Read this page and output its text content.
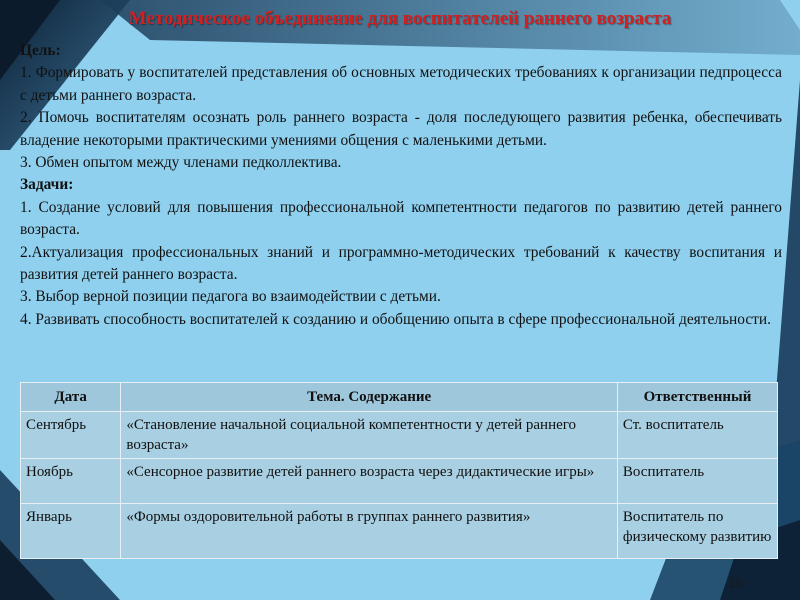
Методическое объединение для воспитателей раннего возраста

Цель:

1. Формировать у воспитателей представления об основных методических требованиях к организации педпроцесса с детьми раннего возраста.

2. Помочь воспитателям осознать роль раннего возраста - доля последующего развития ребенка, обеспечивать владение некоторыми практическими умениями общения с маленькими детьми.

3. Обмен опытом между членами педколлектива.

Задачи:

1. Создание условий для повышения профессиональной компетентности педагогов по развитию детей раннего возраста.

2.Актуализация профессиональных знаний и программно-методических требований к качеству воспитания и развития детей раннего возраста.

3. Выбор верной позиции педагога во взаимодействии с детьми.

4. Развивать способность воспитателей к созданию и обобщению опыта в сфере профессиональной деятельности.

Дата	Тема. Содержание	Ответственный
Сентябрь	«Становление начальной социальной компетентности у детей раннего возраста»	Ст. воспитатель
Ноябрь	«Сенсорное развитие детей раннего возраста через дидактические игры»	Воспитатель
Январь	«Формы оздоровительной работы в группах раннего развития»	Воспитатель по физическому развитию
16
